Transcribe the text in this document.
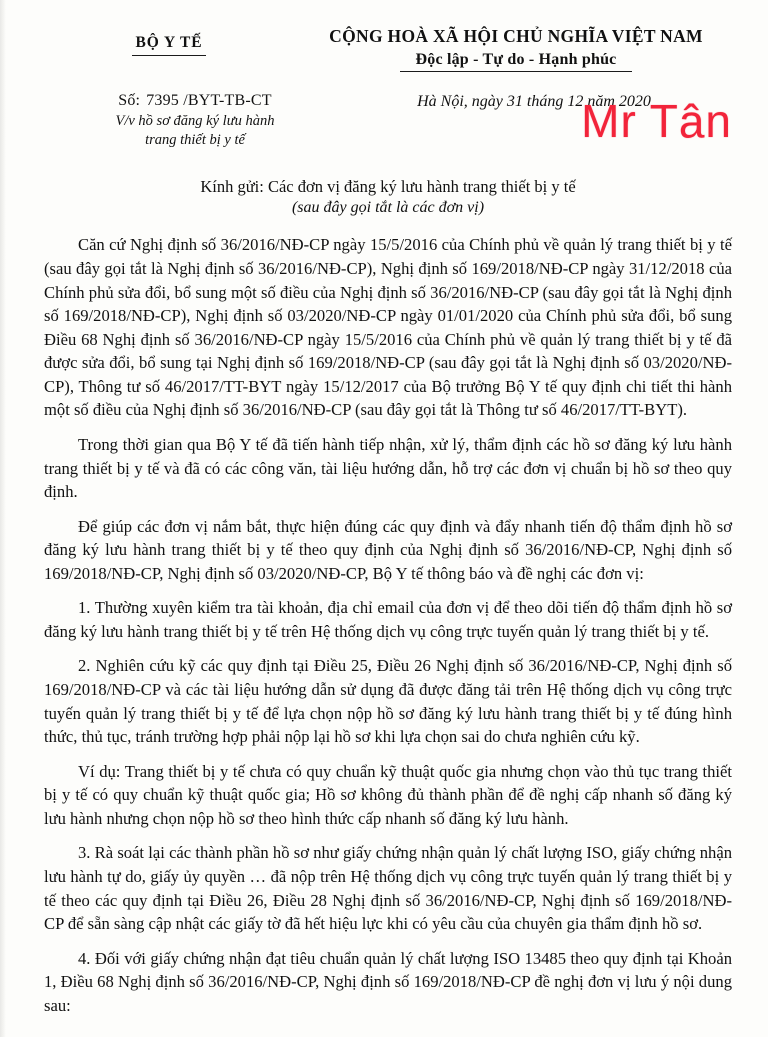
BỘ Y TẾ	CỘNG HOÀ XÃ HỘI CHỦ NGHĨA VIỆT NAM
Độc lập - Tự do - Hạnh phúc
Số: 7395 /BYT-TB-CT
V/v hồ sơ đăng ký lưu hành
trang thiết bị y tế
Hà Nội, ngày 31 tháng 12 năm 2020
Mr Tân
Kính gửi: Các đơn vị đăng ký lưu hành trang thiết bị y tế
(sau đây gọi tắt là các đơn vị)

Căn cứ Nghị định số 36/2016/NĐ-CP ngày 15/5/2016 của Chính phủ về quản lý trang thiết bị y tế (sau đây gọi tắt là Nghị định số 36/2016/NĐ-CP), Nghị định số 169/2018/NĐ-CP ngày 31/12/2018 của Chính phủ sửa đổi, bổ sung một số điều của Nghị định số 36/2016/NĐ-CP (sau đây gọi tắt là Nghị định số 169/2018/NĐ-CP), Nghị định số 03/2020/NĐ-CP ngày 01/01/2020 của Chính phủ sửa đổi, bổ sung Điều 68 Nghị định số 36/2016/NĐ-CP ngày 15/5/2016 của Chính phủ về quản lý trang thiết bị y tế đã được sửa đổi, bổ sung tại Nghị định số 169/2018/NĐ-CP (sau đây gọi tắt là Nghị định số 03/2020/NĐ-CP), Thông tư số 46/2017/TT-BYT ngày 15/12/2017 của Bộ trưởng Bộ Y tế quy định chi tiết thi hành một số điều của Nghị định số 36/2016/NĐ-CP (sau đây gọi tắt là Thông tư số 46/2017/TT-BYT).

Trong thời gian qua Bộ Y tế đã tiến hành tiếp nhận, xử lý, thẩm định các hồ sơ đăng ký lưu hành trang thiết bị y tế và đã có các công văn, tài liệu hướng dẫn, hỗ trợ các đơn vị chuẩn bị hồ sơ theo quy định.

Để giúp các đơn vị nắm bắt, thực hiện đúng các quy định và đẩy nhanh tiến độ thẩm định hồ sơ đăng ký lưu hành trang thiết bị y tế theo quy định của Nghị định số 36/2016/NĐ-CP, Nghị định số 169/2018/NĐ-CP, Nghị định số 03/2020/NĐ-CP, Bộ Y tế thông báo và đề nghị các đơn vị:

1. Thường xuyên kiểm tra tài khoản, địa chỉ email của đơn vị để theo dõi tiến độ thẩm định hồ sơ đăng ký lưu hành trang thiết bị y tế trên Hệ thống dịch vụ công trực tuyến quản lý trang thiết bị y tế.

2. Nghiên cứu kỹ các quy định tại Điều 25, Điều 26 Nghị định số 36/2016/NĐ-CP, Nghị định số 169/2018/NĐ-CP và các tài liệu hướng dẫn sử dụng đã được đăng tải trên Hệ thống dịch vụ công trực tuyến quản lý trang thiết bị y tế để lựa chọn nộp hồ sơ đăng ký lưu hành trang thiết bị y tế đúng hình thức, thủ tục, tránh trường hợp phải nộp lại hồ sơ khi lựa chọn sai do chưa nghiên cứu kỹ.

Ví dụ: Trang thiết bị y tế chưa có quy chuẩn kỹ thuật quốc gia nhưng chọn vào thủ tục trang thiết bị y tế có quy chuẩn kỹ thuật quốc gia; Hồ sơ không đủ thành phần để đề nghị cấp nhanh số đăng ký lưu hành nhưng chọn nộp hồ sơ theo hình thức cấp nhanh số đăng ký lưu hành.

3. Rà soát lại các thành phần hồ sơ như giấy chứng nhận quản lý chất lượng ISO, giấy chứng nhận lưu hành tự do, giấy ủy quyền … đã nộp trên Hệ thống dịch vụ công trực tuyến quản lý trang thiết bị y tế theo các quy định tại Điều 26, Điều 28 Nghị định số 36/2016/NĐ-CP, Nghị định số 169/2018/NĐ-CP để sẵn sàng cập nhật các giấy tờ đã hết hiệu lực khi có yêu cầu của chuyên gia thẩm định hồ sơ.

4. Đối với giấy chứng nhận đạt tiêu chuẩn quản lý chất lượng ISO 13485 theo quy định tại Khoản 1, Điều 68 Nghị định số 36/2016/NĐ-CP, Nghị định số 169/2018/NĐ-CP đề nghị đơn vị lưu ý nội dung sau:
